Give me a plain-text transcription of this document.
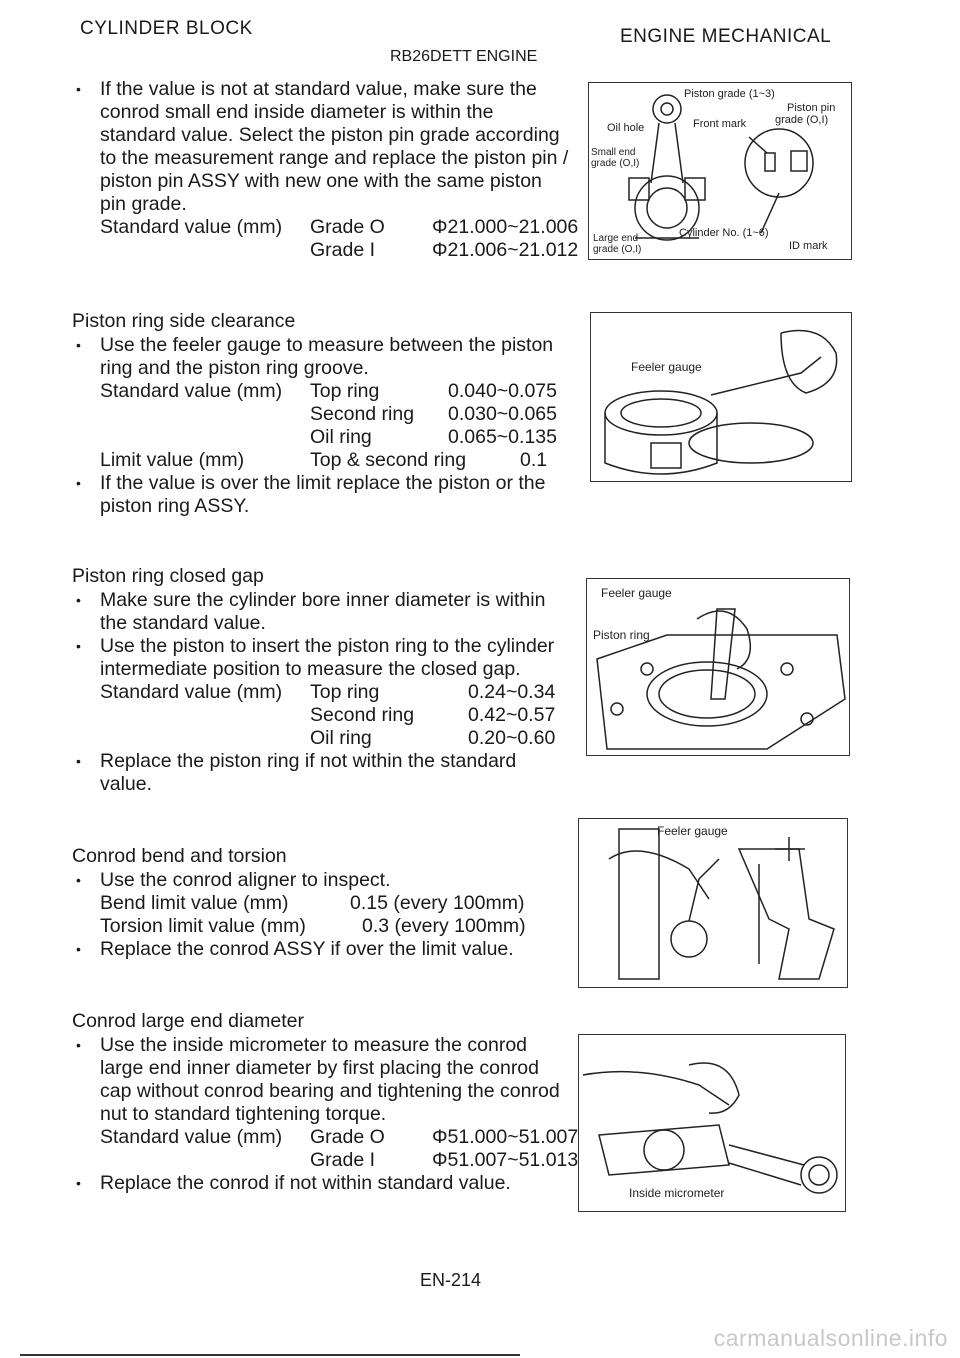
CYLINDER BLOCK	ENGINE MECHANICAL
RB26DETT ENGINE
• If the value is not at standard value, make sure the conrod small end inside diameter is within the standard value. Select the piston pin grade according to the measurement range and replace the piston pin / piston pin ASSY with new one with the same piston pin grade.
Standard value (mm) Grade O Φ21.000~21.006
Grade I	Φ21.006~21.012
Piston ring side clearance
• Use the feeler gauge to measure between the piston ring and the piston ring groove.
Standard value (mm) Top ring	0.040~0.075
Second ring 0.030~0.065
Oil ring	0.065~0.135
Limit value (mm)	Top & second ring	0.1
• If the value is over the limit replace the piston or the piston ring ASSY.
Piston ring closed gap
• Make sure the cylinder bore inner diameter is within the standard value.
• Use the piston to insert the piston ring to the cylinder intermediate position to measure the closed gap.
Standard value (mm) Top ring	0.24~0.34
Second ring	0.42~0.57
Oil ring	0.20~0.60
• Replace the piston ring if not within the standard value.
Conrod bend and torsion
• Use the conrod aligner to inspect.
Bend limit value (mm)	0.15 (every 100mm)
Torsion limit value (mm)	0.3 (every 100mm)
• Replace the conrod ASSY if over the limit value.
Conrod large end diameter
• Use the inside micrometer to measure the conrod large end inner diameter by first placing the conrod cap without conrod bearing and tightening the conrod nut to standard tightening torque.
Standard value (mm) Grade O Φ51.000~51.007
Grade I	Φ51.007~51.013
• Replace the conrod if not within standard value.
Piston grade (1~3)
Piston pin
grade (O,I)
Oil hole	Front mark
Small end
grade (O,I)
Large end
grade (O,I)
Cylinder No. (1~6)
ID mark
Feeler gauge
Feeler gauge
Piston ring
Feeler gauge
Inside micrometer
EN-214
carmanualsonline.info
